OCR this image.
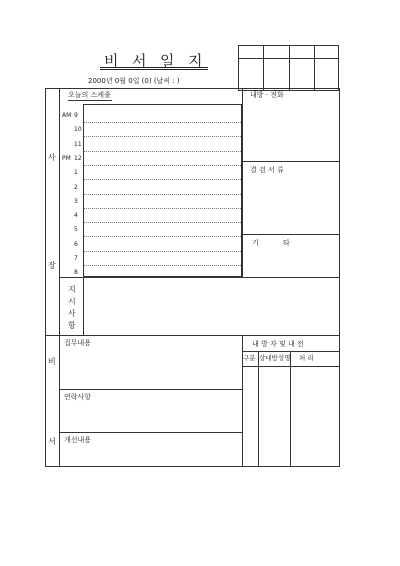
비 서 일 지
2000년 0월 0일 (0) (날씨 : )
사
장
오늘의 스케줄
AM 9
10
11
PM 12
1
2
3
4
5
6
7
8
내방 · 전화
결 검 서 류
기	타
지
시
사
항
비
서
집무내용
연락사항
개선내용
내 방 자 및 내 전
구분 상대방성명 처 리
